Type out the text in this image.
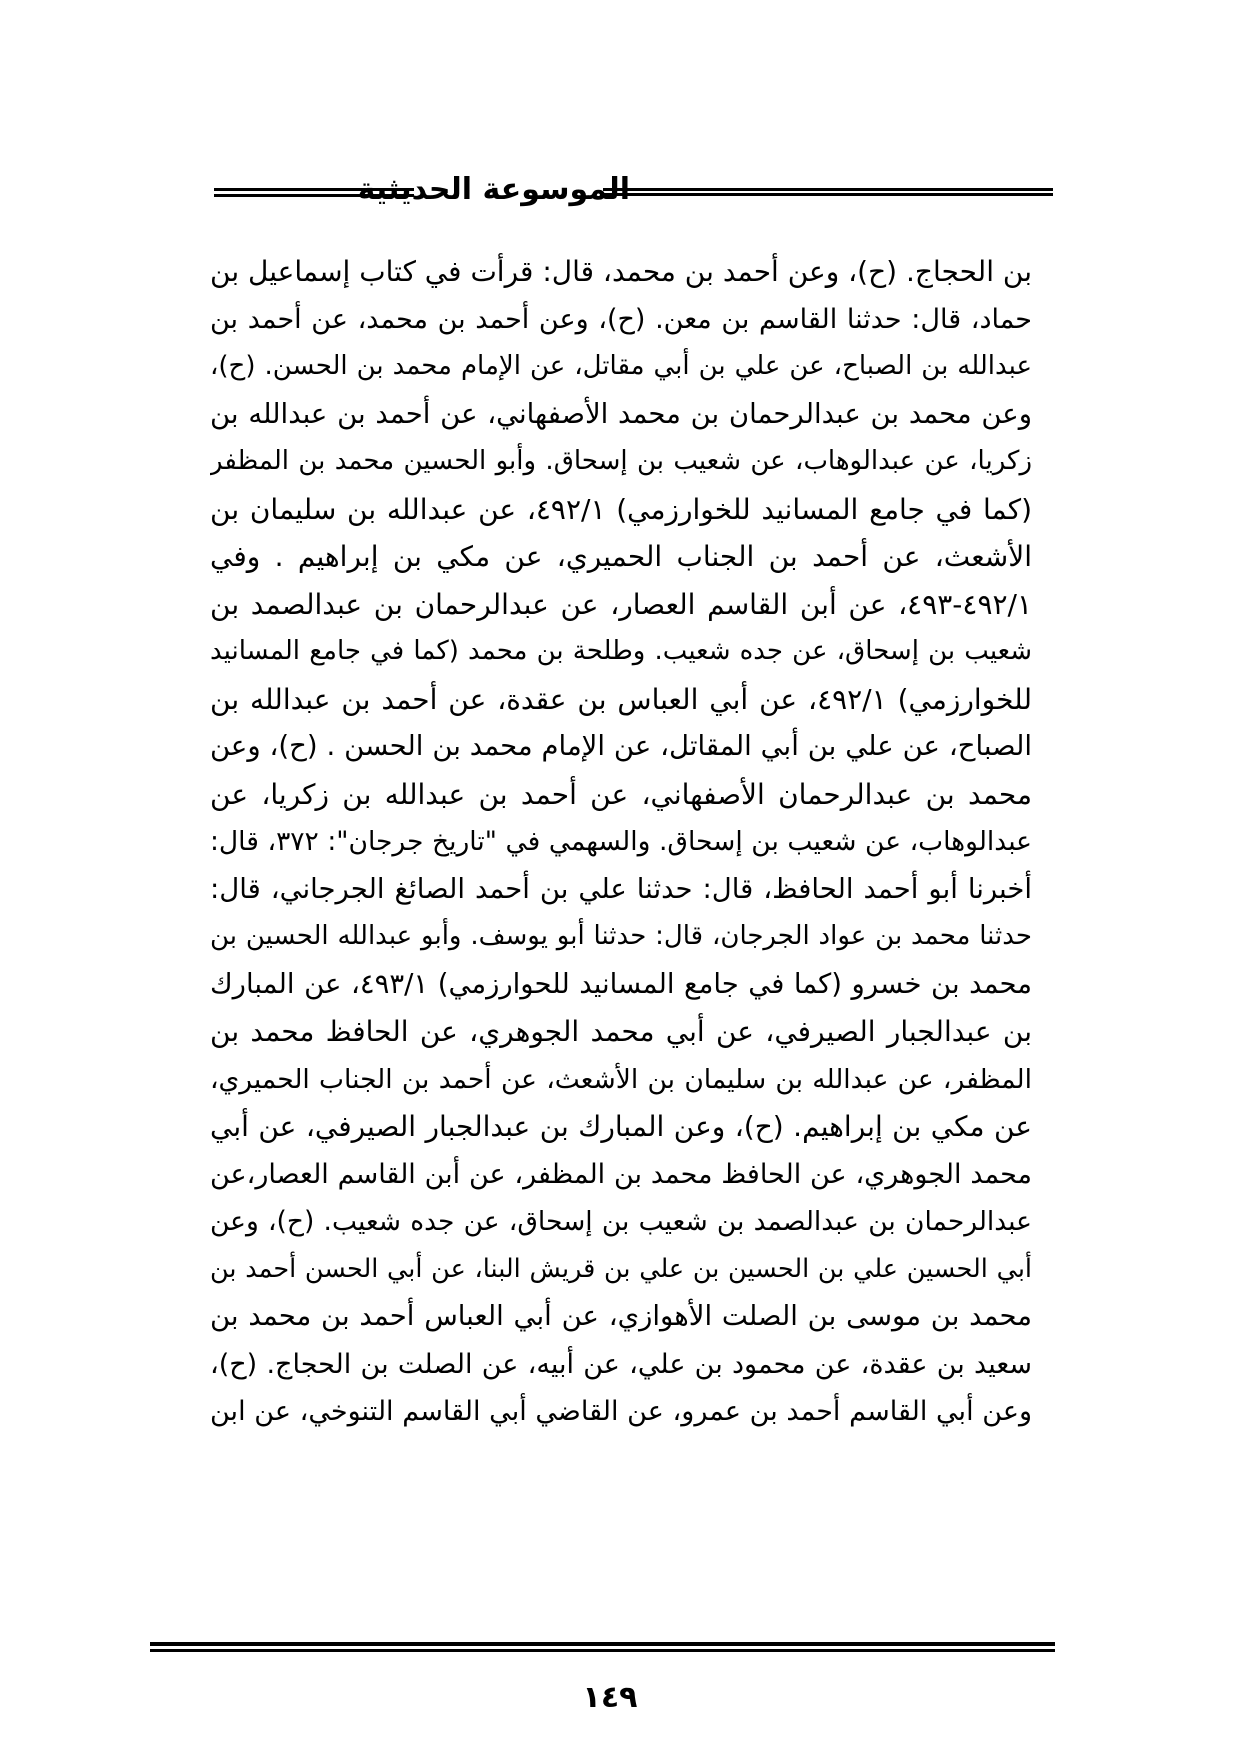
الموسوعة الحديثية
بن الحجاج. (ح)، وعن أحمد بن محمد، قال: قرأت في كتاب إسماعيل بن
حماد، قال: حدثنا القاسم بن معن. (ح)، وعن أحمد بن محمد، عن أحمد بن
عبدالله بن الصباح، عن علي بن أبي مقاتل، عن الإمام محمد بن الحسن. (ح)،
وعن محمد بن عبدالرحمان بن محمد الأصفهاني، عن أحمد بن عبدالله بن
زكريا، عن عبدالوهاب، عن شعيب بن إسحاق. وأبو الحسين محمد بن المظفر
(كما في جامع المسانيد للخوارزمي) ٤٩٢/١، عن عبدالله بن سليمان بن
الأشعث، عن أحمد بن الجناب الحميري، عن مكي بن إبراهيم . وفي
٤٩٢/١-٤٩٣، عن أبن القاسم العصار، عن عبدالرحمان بن عبدالصمد بن
شعيب بن إسحاق، عن جده شعيب. وطلحة بن محمد (كما في جامع المسانيد
للخوارزمي) ٤٩٢/١، عن أبي العباس بن عقدة، عن أحمد بن عبدالله بن
الصباح، عن علي بن أبي المقاتل، عن الإمام محمد بن الحسن . (ح)، وعن
محمد بن عبدالرحمان الأصفهاني، عن أحمد بن عبدالله بن زكريا، عن
عبدالوهاب، عن شعيب بن إسحاق. والسهمي في "تاريخ جرجان": ٣٧٢، قال:
أخبرنا أبو أحمد الحافظ، قال: حدثنا علي بن أحمد الصائغ الجرجاني، قال:
حدثنا محمد بن عواد الجرجان، قال: حدثنا أبو يوسف. وأبو عبدالله الحسين بن
محمد بن خسرو (كما في جامع المسانيد للحوارزمي) ٤٩٣/١، عن المبارك
بن عبدالجبار الصيرفي، عن أبي محمد الجوهري، عن الحافظ محمد بن
المظفر، عن عبدالله بن سليمان بن الأشعث، عن أحمد بن الجناب الحميري،
عن مكي بن إبراهيم. (ح)، وعن المبارك بن عبدالجبار الصيرفي، عن أبي
محمد الجوهري، عن الحافظ محمد بن المظفر، عن أبن القاسم العصار،عن
عبدالرحمان بن عبدالصمد بن شعيب بن إسحاق، عن جده شعيب. (ح)، وعن
أبي الحسين علي بن الحسين بن علي بن قريش البنا، عن أبي الحسن أحمد بن
محمد بن موسى بن الصلت الأهوازي، عن أبي العباس أحمد بن محمد بن
سعيد بن عقدة، عن محمود بن علي، عن أبيه، عن الصلت بن الحجاج. (ح)،
وعن أبي القاسم أحمد بن عمرو، عن القاضي أبي القاسم التنوخي، عن ابن
١٤٩
